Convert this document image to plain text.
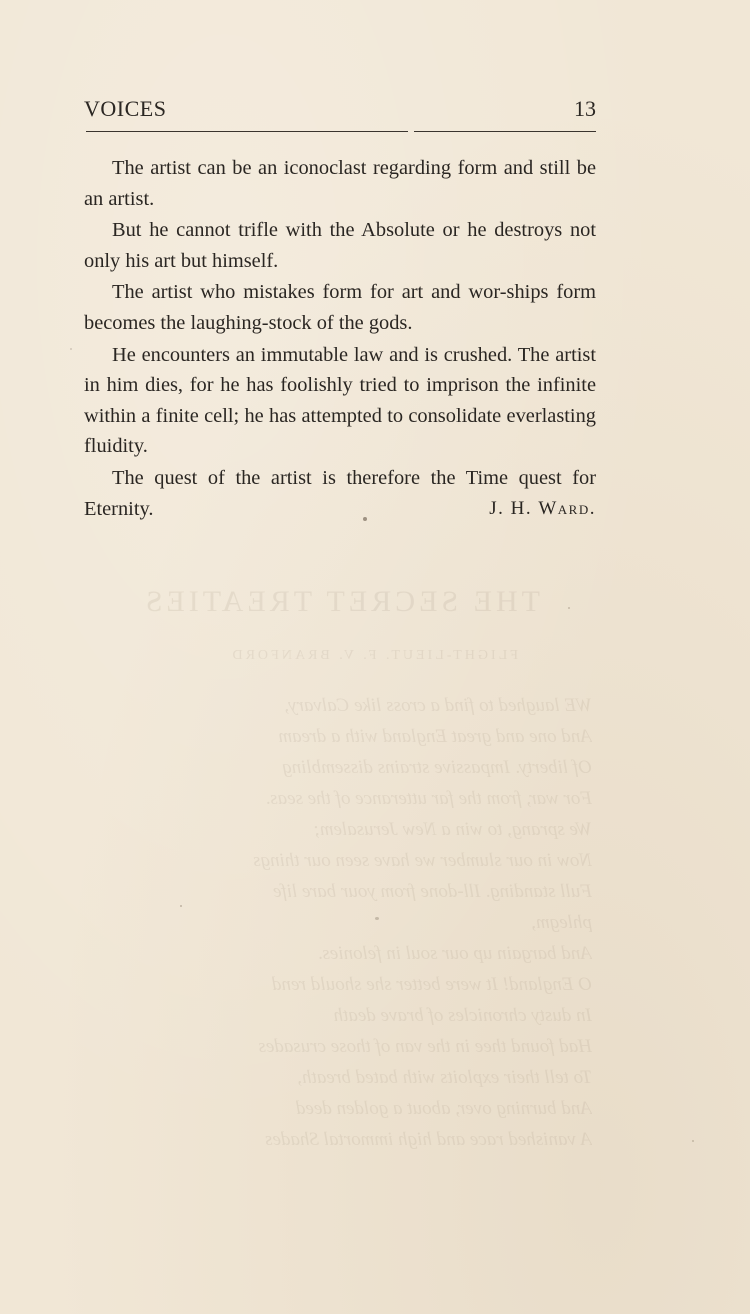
THE SECRET TREATIES
FLIGHT-LIEUT. F. V. BRANFORD
WE laughed to find a cross like Calvary,
And one and great England with a dream
Of liberty. Impassive strains dissembling
For war, from the far utterance of the seas.
We sprang, to win a New Jerusalem;
Now in our slumber we have seen our things
Full standing. Ill-done from your bare life
phlegm,
And bargain up our soul in felonies.
O England! It were better she should rend
In dusty chronicles of brave death
Had found thee in the van of those crusades
To tell their exploits with bated breath,
And burning over, about a golden deed
A vanished race and high immortal Shades
VOICES	13

The artist can be an iconoclast regarding form and still be an artist.

But he cannot trifle with the Absolute or he destroys not only his art but himself.

The artist who mistakes form for art and wor-ships form becomes the laughing-stock of the gods.

He encounters an immutable law and is crushed. The artist in him dies, for he has foolishly tried to imprison the infinite within a finite cell; he has attempted to consolidate everlasting fluidity.

The quest of the artist is therefore the Time quest for Eternity.	J. H. Ward.
